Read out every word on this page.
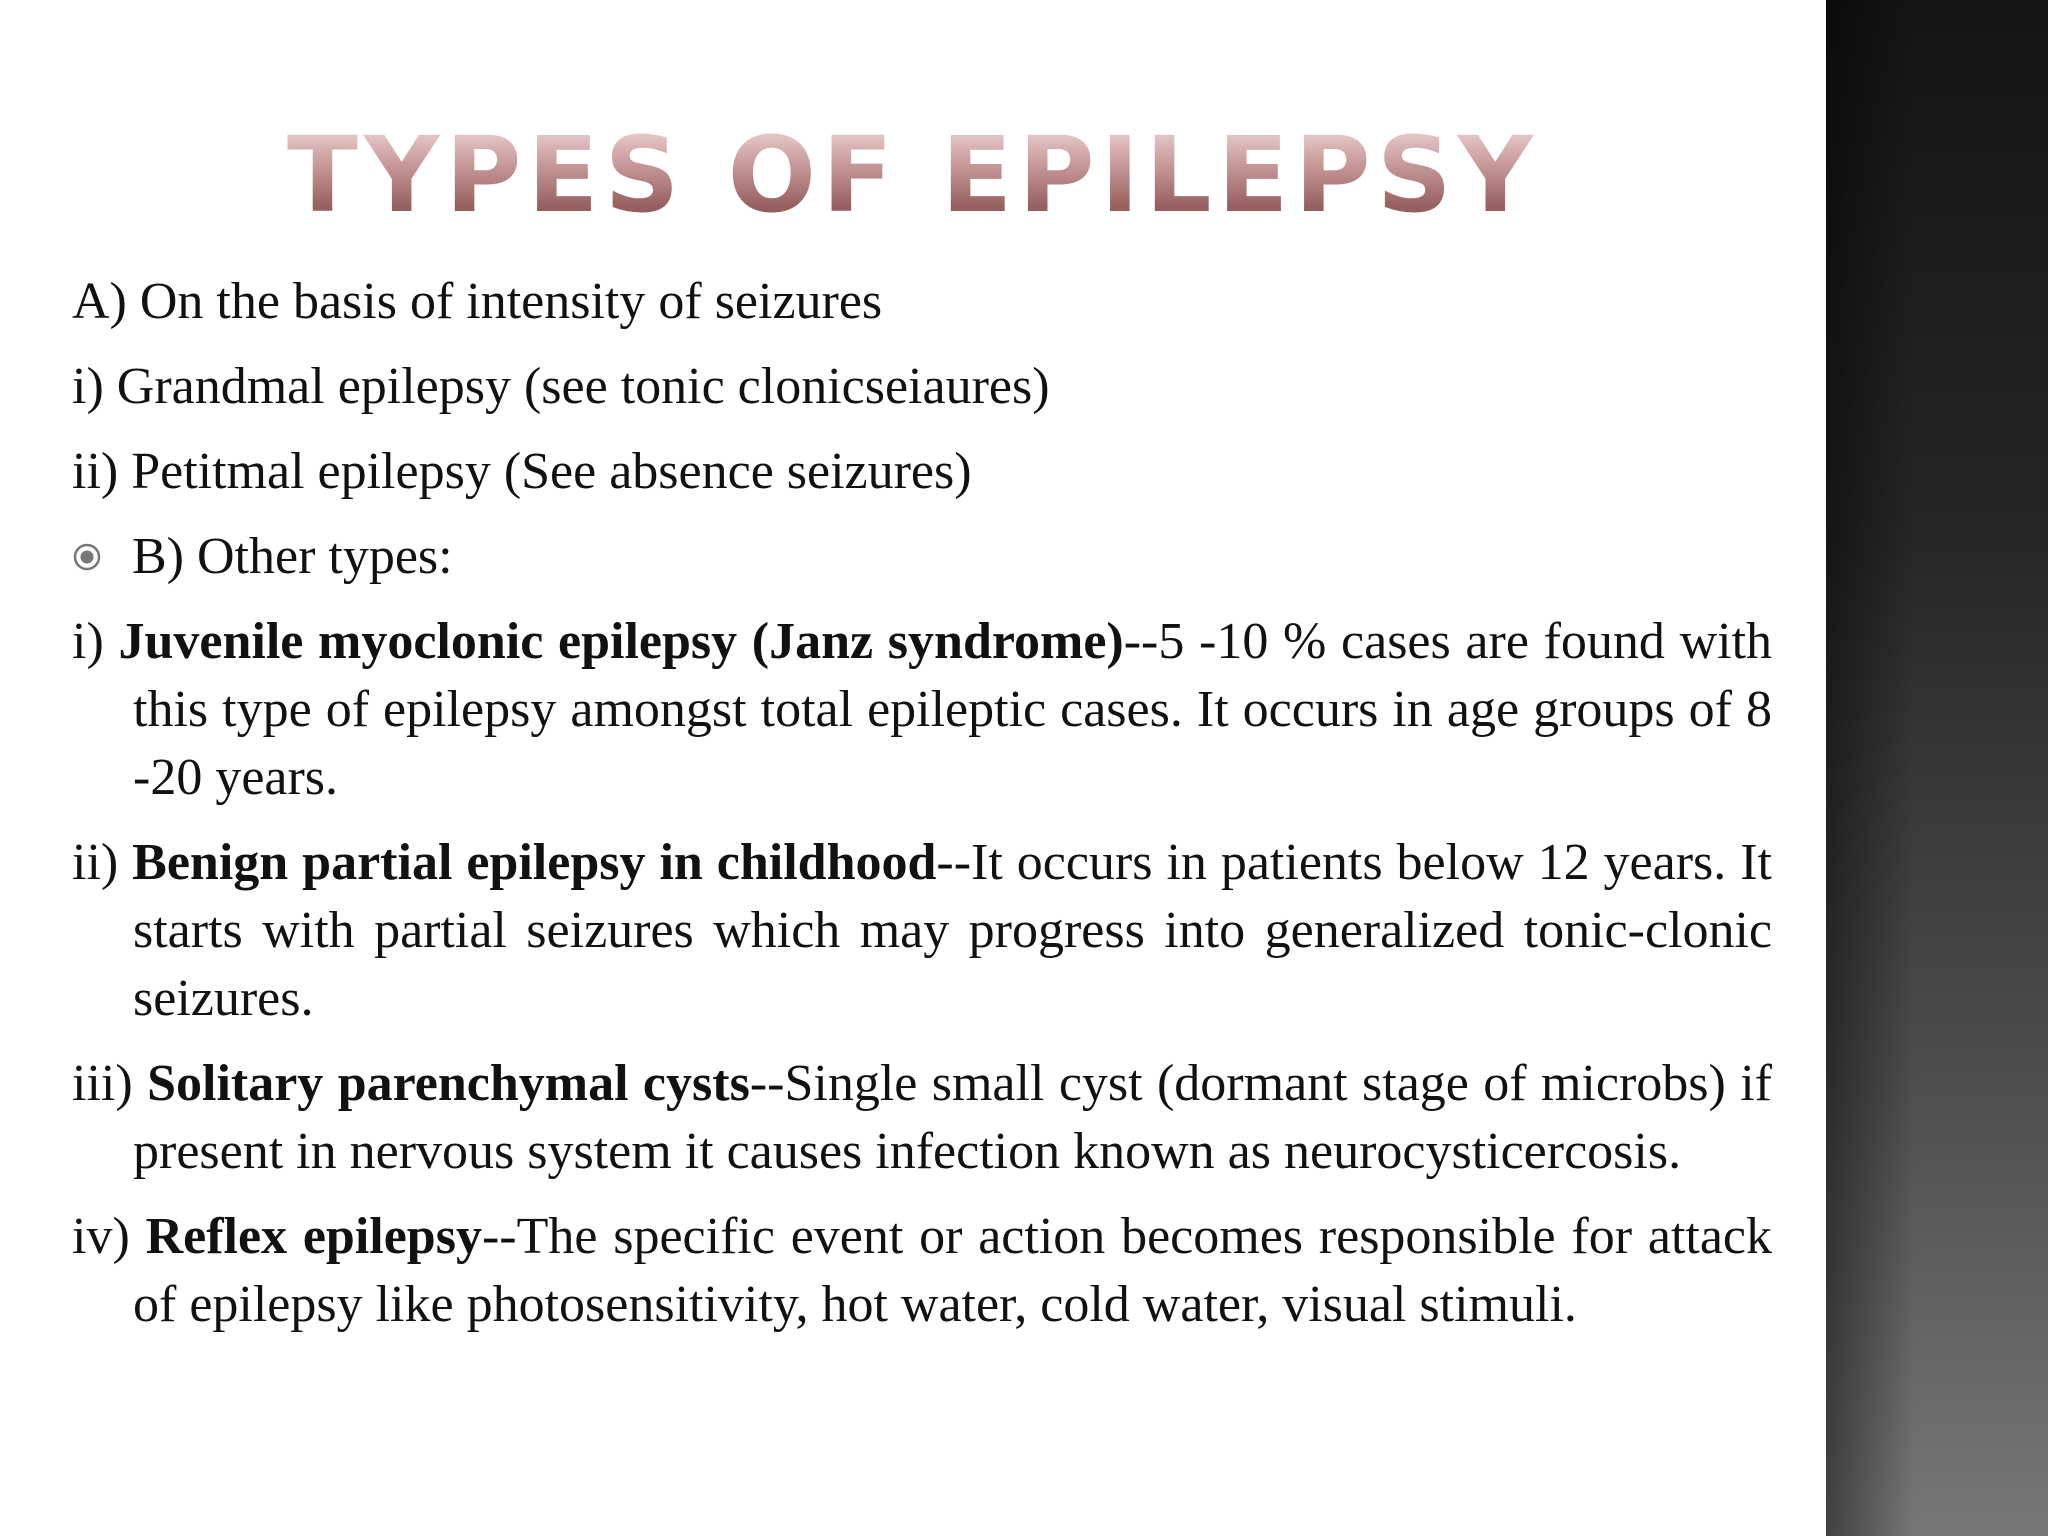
TYPES OF EPILEPSY

A) On the basis of intensity of seizures

i) Grandmal epilepsy (see tonic clonicseiaures)

ii) Petitmal epilepsy (See absence seizures)

B) Other types:

i) Juvenile myoclonic epilepsy (Janz syndrome)--5 -10 % cases are found with this type of epilepsy amongst total epileptic cases. It occurs in age groups of 8 -20 years.

ii) Benign partial epilepsy in childhood--It occurs in patients below 12 years. It starts with partial seizures which may progress into generalized tonic-clonic seizures.

iii) Solitary parenchymal cysts--Single small cyst (dormant stage of microbs) if present in nervous system it causes infection known as neurocysticercosis.

iv) Reflex epilepsy--The specific event or action becomes responsible for attack of epilepsy like photosensitivity, hot water, cold water, visual stimuli.
